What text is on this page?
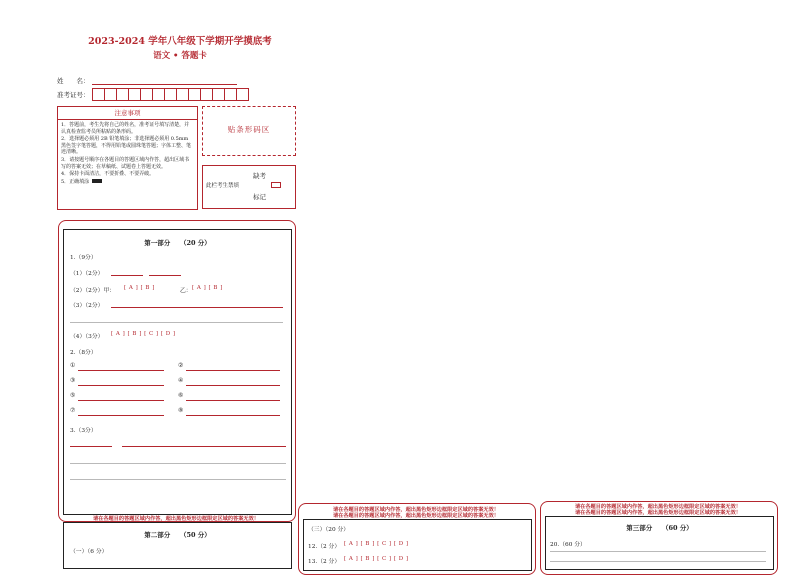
2023-2024 学年八年级下学期开学摸底考
语文 • 答题卡
姓　　名：
准考证号：
注意事项

1．答题前，考生先将自己的姓名，准考证号填写清楚，并认真检查监考员所粘贴的条形码。

2．选择题必须用 2B 铅笔填涂；非选择题必须用 0.5mm 黑色签字笔答题，不得用铅笔或圆珠笔答题；字体工整、笔迹清晰。

3．请按题号顺序在各题目的答题区域内作答，超出区域书写的答案无效；在草稿纸、试题卷上答题无效。

4．保持卡面清洁，不要折叠、不要弄破。

5．正确填涂

贴条形码区
缺考
此栏考生禁填
标记
第一部分　　（20 分）
1.（9分）
（1）（2分）
（2）（2分）甲： [ A ] [ B ]	乙： [ A ] [ B ]
（3）（2分）
（4）（3分） [ A ] [ B ] [ C ] [ D ]
2.（8分）
①	②
③	④
⑤	⑥
⑦	⑧
3.（3分）
请在各题目的答题区域内作答，超出黑色矩形边框限定区域的答案无效！
第二部分　　（50 分）
（一）（6 分）
请在各题目的答题区域内作答，超出黑色矩形边框限定区域的答案无效！
请在各题目的答题区域内作答，超出黑色矩形边框限定区域的答案无效！
（三）（20 分）
12.（2 分） [ A ] [ B ] [ C ] [ D ]
13.（2 分） [ A ] [ B ] [ C ] [ D ]
请在各题目的答题区域内作答，超出黑色矩形边框限定区域的答案无效！
请在各题目的答题区域内作答，超出黑色矩形边框限定区域的答案无效！
第三部分　　（60 分）
20.（60 分）
